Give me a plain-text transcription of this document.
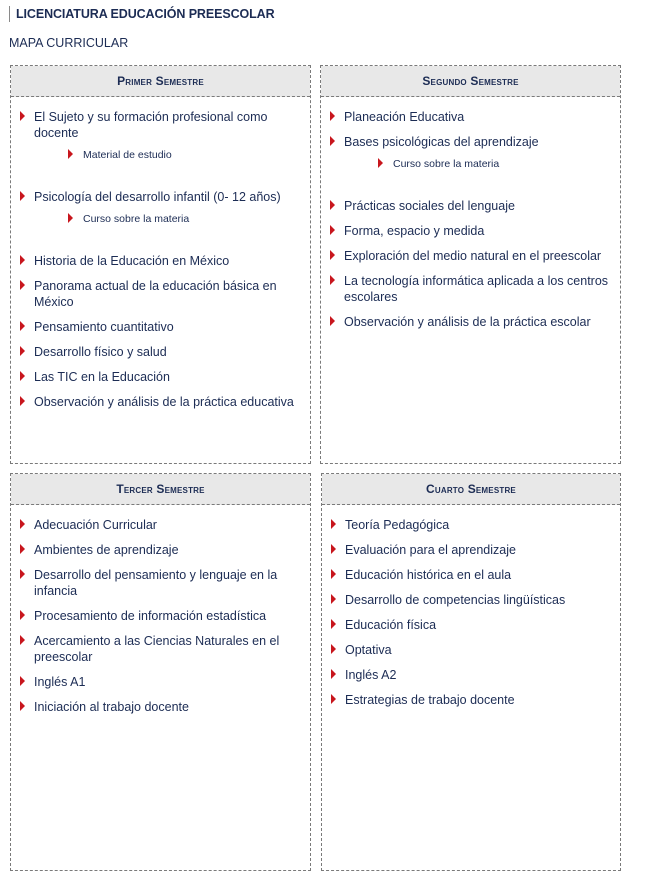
LICENCIATURA EDUCACIÓN PREESCOLAR
MAPA CURRICULAR
Primer Semestre
El Sujeto y su formación profesional como docente
Material de estudio
Psicología del desarrollo infantil (0- 12 años)
Curso sobre la materia
Historia de la Educación en México
Panorama actual de la educación básica en México
Pensamiento cuantitativo
Desarrollo físico y salud
Las TIC en la Educación
Observación y análisis de la práctica educativa
Segundo Semestre
Planeación Educativa
Bases psicológicas del aprendizaje
Curso sobre la materia
Prácticas sociales del lenguaje
Forma, espacio y medida
Exploración del medio natural en el preescolar
La tecnología informática aplicada a los centros escolares
Observación y análisis de la práctica escolar
Tercer Semestre
Adecuación Curricular
Ambientes de aprendizaje
Desarrollo del pensamiento y lenguaje en la infancia
Procesamiento de información estadística
Acercamiento a las Ciencias Naturales en el preescolar
Inglés A1
Iniciación al trabajo docente
Cuarto Semestre
Teoría Pedagógica
Evaluación para el aprendizaje
Educación histórica en el aula
Desarrollo de competencias lingüísticas
Educación física
Optativa
Inglés A2
Estrategias de trabajo docente
